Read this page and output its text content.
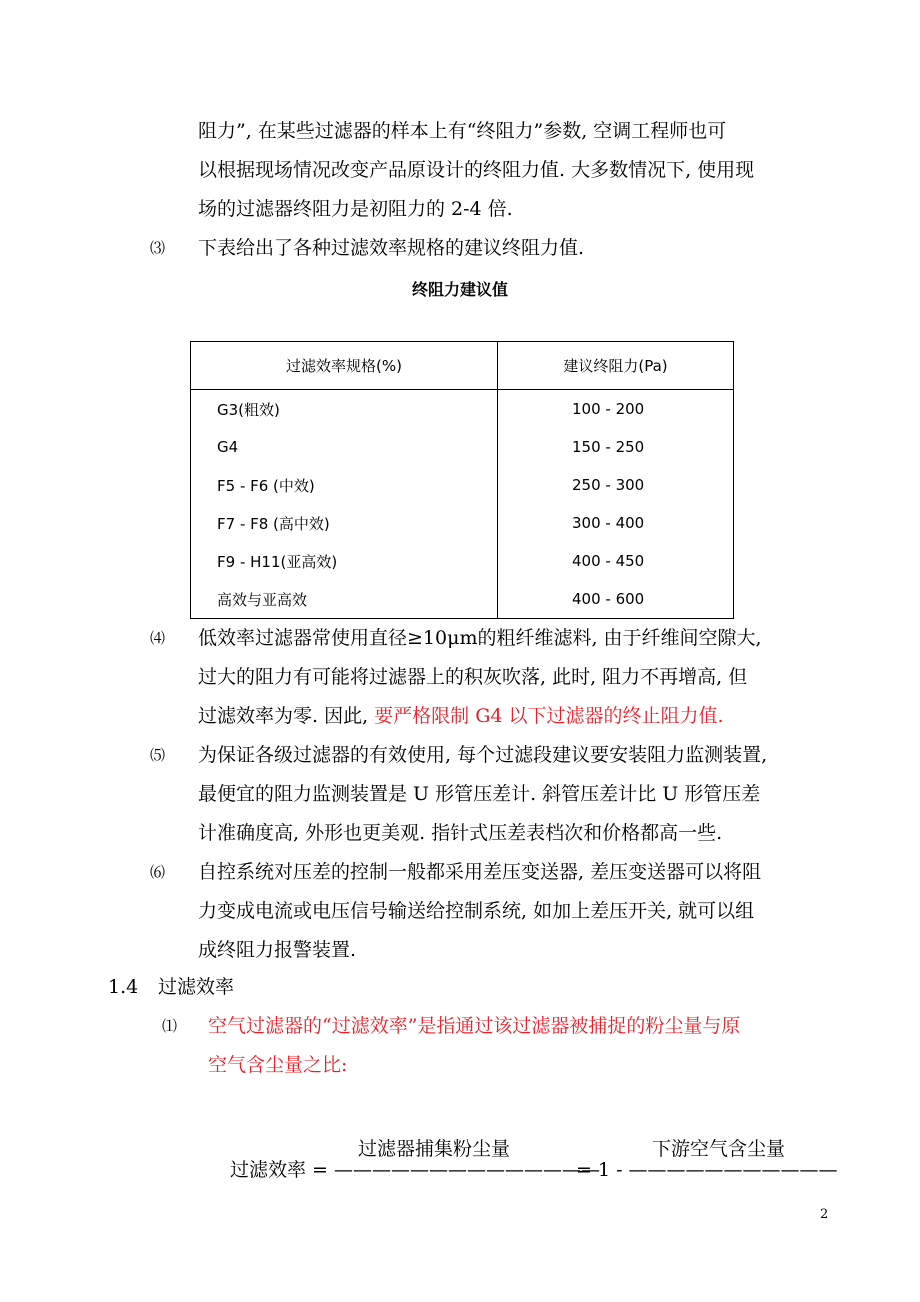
阻力”, 在某些过滤器的样本上有“终阻力”参数, 空调工程师也可
以根据现场情况改变产品原设计的终阻力值. 大多数情况下, 使用现
场的过滤器终阻力是初阻力的 2-4 倍.
⑶ 下表给出了各种过滤效率规格的建议终阻力值.
终阻力建议值
过滤效率规格(%)	建议终阻力(Pa)
G3(粗效)	100 - 200
G4	150 - 250
F5 - F6 (中效)	250 - 300
F7 - F8 (高中效)	300 - 400
F9 - H11(亚高效)	400 - 450
高效与亚高效	400 - 600
⑷ 低效率过滤器常使用直径≥10μm的粗纤维滤料, 由于纤维间空隙大,
过大的阻力有可能将过滤器上的积灰吹落, 此时, 阻力不再增高, 但
过滤效率为零. 因此, 要严格限制 G4 以下过滤器的终止阻力值.
⑸ 为保证各级过滤器的有效使用, 每个过滤段建议要安装阻力监测装置,
最便宜的阻力监测装置是 U 形管压差计. 斜管压差计比 U 形管压差
计准确度高, 外形也更美观. 指针式压差表档次和价格都高一些.
⑹ 自控系统对压差的控制一般都采用差压变送器, 差压变送器可以将阻
力变成电流或电压信号输送给控制系统, 如加上差压开关, 就可以组
成终阻力报警装置.
1.4 过滤效率
⑴ 空气过滤器的“过滤效率”是指通过该过滤器被捕捉的粉尘量与原
空气含尘量之比:
过滤器捕集粉尘量	下游空气含尘量
过滤效率 = ——————————————
= 1 - ———————————
2
